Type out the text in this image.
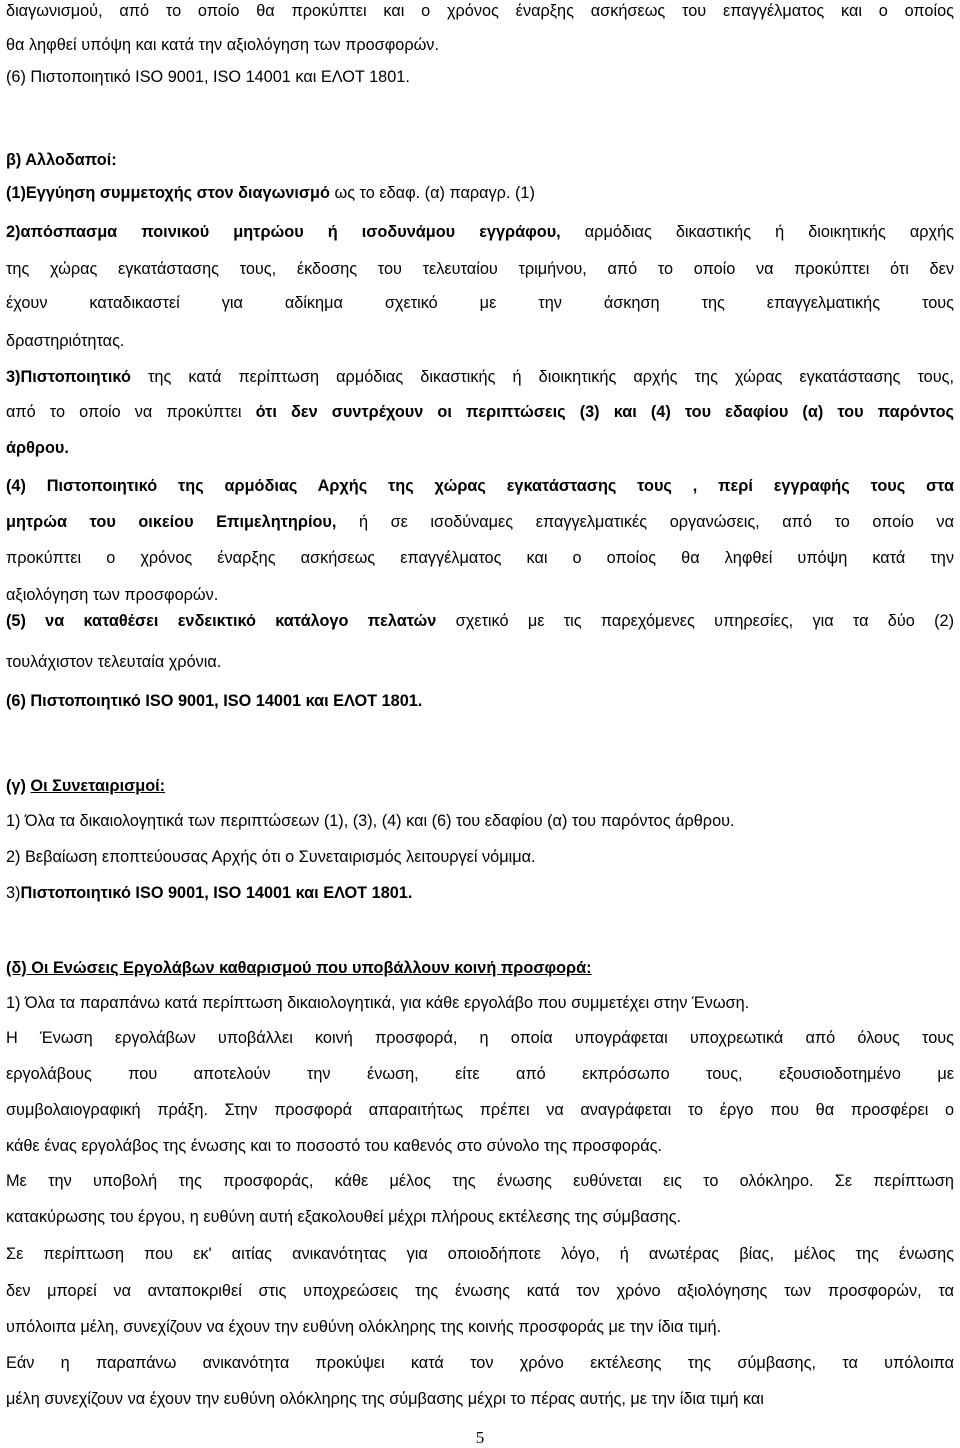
διαγωνισμού, από το οποίο θα προκύπτει και ο χρόνος έναρξης ασκήσεως του επαγγέλματος και ο οποίος
θα ληφθεί υπόψη και κατά την αξιολόγηση των προσφορών.
(6) Πιστοποιητικό ISO 9001, ISO 14001 και ΕΛΟΤ 1801.
β) Αλλοδαποί:
(1)Εγγύηση συμμετοχής στον διαγωνισμό ως το εδαφ. (α) παραγρ. (1)
2)απόσπασμα ποινικού μητρώου ή ισοδυνάμου εγγράφου, αρμόδιας δικαστικής ή διοικητικής αρχής
της χώρας εγκατάστασης τους, έκδοσης του τελευταίου τριμήνου, από το οποίο να προκύπτει ότι δεν
έχουν καταδικαστεί για αδίκημα σχετικό με την άσκηση της επαγγελματικής τους
δραστηριότητας.
3)Πιστοποιητικό της κατά περίπτωση αρμόδιας δικαστικής ή διοικητικής αρχής της χώρας εγκατάστασης τους,
από το οποίο να προκύπτει ότι δεν συντρέχουν οι περιπτώσεις (3) και (4) του εδαφίου (α) του παρόντος
άρθρου.
(4) Πιστοποιητικό της αρμόδιας Αρχής της χώρας εγκατάστασης τους , περί εγγραφής τους στα
μητρώα του οικείου Επιμελητηρίου, ή σε ισοδύναμες επαγγελματικές οργανώσεις, από το οποίο να
προκύπτει ο χρόνος έναρξης ασκήσεως επαγγέλματος και ο οποίος θα ληφθεί υπόψη κατά την
αξιολόγηση των προσφορών.
(5) να καταθέσει ενδεικτικό κατάλογο πελατών σχετικό με τις παρεχόμενες υπηρεσίες, για τα δύο (2)
τουλάχιστον τελευταία χρόνια.
(6) Πιστοποιητικό ISO 9001, ISO 14001 και ΕΛΟΤ 1801.
(γ) Οι Συνεταιρισμοί:
1) Όλα τα δικαιολογητικά των περιπτώσεων (1), (3), (4) και (6) του εδαφίου (α) του παρόντος άρθρου.
2) Βεβαίωση εποπτεύουσας Αρχής ότι ο Συνεταιρισμός λειτουργεί νόμιμα.
3)Πιστοποιητικό ISO 9001, ISO 14001 και ΕΛΟΤ 1801.
(δ) Οι Ενώσεις Εργολάβων καθαρισμού που υποβάλλουν κοινή προσφορά:
1) Όλα τα παραπάνω κατά περίπτωση δικαιολογητικά, για κάθε εργολάβο που συμμετέχει στην Ένωση.
Η Ένωση εργολάβων υποβάλλει κοινή προσφορά, η οποία υπογράφεται υποχρεωτικά από όλους τους
εργολάβους που αποτελούν την ένωση, είτε από εκπρόσωπο τους, εξουσιοδοτημένο με
συμβολαιογραφική πράξη. Στην προσφορά απαραιτήτως πρέπει να αναγράφεται το έργο που θα προσφέρει ο
κάθε ένας εργολάβος της ένωσης και το ποσοστό του καθενός στο σύνολο της προσφοράς.
Με την υποβολή της προσφοράς, κάθε μέλος της ένωσης ευθύνεται εις το ολόκληρο. Σε περίπτωση
κατακύρωσης του έργου, η ευθύνη αυτή εξακολουθεί μέχρι πλήρους εκτέλεσης της σύμβασης.
Σε περίπτωση που εκ' αιτίας ανικανότητας για οποιοδήποτε λόγο, ή ανωτέρας βίας, μέλος της ένωσης
δεν μπορεί να ανταποκριθεί στις υποχρεώσεις της ένωσης κατά τον χρόνο αξιολόγησης των προσφορών, τα
υπόλοιπα μέλη, συνεχίζουν να έχουν την ευθύνη ολόκληρης της κοινής προσφοράς με την ίδια τιμή.
Εάν η παραπάνω ανικανότητα προκύψει κατά τον χρόνο εκτέλεσης της σύμβασης, τα υπόλοιπα
μέλη συνεχίζουν να έχουν την ευθύνη ολόκληρης της σύμβασης μέχρι το πέρας αυτής, με την ίδια τιμή και
5
